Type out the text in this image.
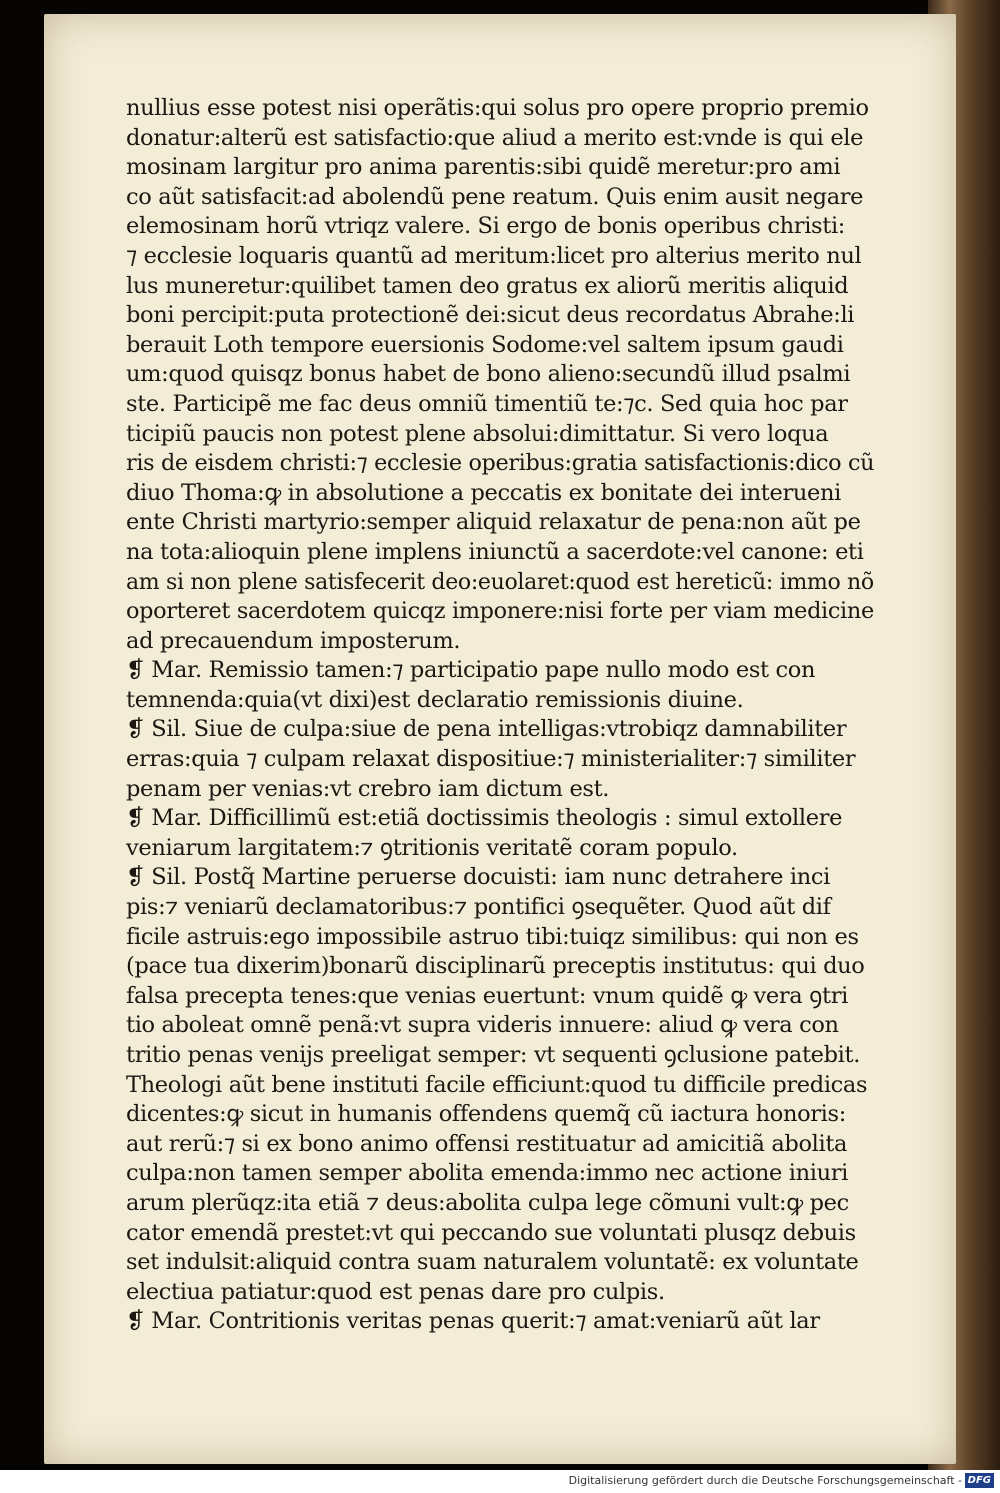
nullius esse potest nisi operãtis:qui solus pro opere proprio premio
donatur:alterũ est satisfactio:que aliud a merito est:vnde is qui ele
mosinam largitur pro anima parentis:sibi quidẽ meretur:pro ami
co aũt satisfacit:ad abolendũ pene reatum. Quis enim ausit negare
elemosinam horũ vtriqz valere. Si ergo de bonis operibus christi:
⁊ ecclesie loquaris quantũ ad meritum:licet pro alterius merito nul
lus muneretur:quilibet tamen deo gratus ex aliorũ meritis aliquid
boni percipit:puta protectionẽ dei:sicut deus recordatus Abrahe:li
berauit Loth tempore euersionis Sodome:vel saltem ipsum gaudi
um:quod quisqz bonus habet de bono alieno:secundũ illud psalmi
ste. Participẽ me fac deus omniũ timentiũ te:⁊c. Sed quia hoc par
ticipiũ paucis non potest plene absolui:dimittatur. Si vero loqua
ris de eisdem christi:⁊ ecclesie operibus:gratia satisfactionis:dico cũ
diuo Thoma:ꝙ in absolutione a peccatis ex bonitate dei interueni
ente Christi martyrio:semper aliquid relaxatur de pena:non aũt pe
na tota:alioquin plene implens iniunctũ a sacerdote:vel canone: eti
am si non plene satisfecerit deo:euolaret:quod est hereticũ: immo nõ
oporteret sacerdotem quicqz imponere:nisi forte per viam medicine
ad precauendum imposterum.
❡ Mar. Remissio tamen:⁊ participatio pape nullo modo est con
temnenda:quia(vt dixi)est declaratio remissionis diuine.
❡ Sil. Siue de culpa:siue de pena intelligas:vtrobiqz damnabiliter
erras:quia ⁊ culpam relaxat dispositiue:⁊ ministerialiter:⁊ similiter
penam per venias:vt crebro iam dictum est.
❡ Mar. Difficillimũ est:etiã doctissimis theologis : simul extollere
veniarum largitatem:⁊ ꝯtritionis veritatẽ coram populo.
❡ Sil. Postq̃ Martine peruerse docuisti: iam nunc detrahere inci
pis:⁊ veniarũ declamatoribus:⁊ pontifici ꝯsequẽter. Quod aũt dif
ficile astruis:ego impossibile astruo tibi:tuiqz similibus: qui non es
(pace tua dixerim)bonarũ disciplinarũ preceptis institutus: qui duo
falsa precepta tenes:que venias euertunt: vnum quidẽ ꝙ vera ꝯtri
tio aboleat omnẽ penã:vt supra videris innuere: aliud ꝙ vera con
tritio penas venijs preeligat semper: vt sequenti ꝯclusione patebit.
Theologi aũt bene instituti facile efficiunt:quod tu difficile predicas
dicentes:ꝙ sicut in humanis offendens quemq̃ cũ iactura honoris:
aut rerũ:⁊ si ex bono animo offensi restituatur ad amicitiã abolita
culpa:non tamen semper abolita emenda:immo nec actione iniuri
arum plerũqz:ita etiã ⁊ deus:abolita culpa lege cõmuni vult:ꝙ pec
cator emendã prestet:vt qui peccando sue voluntati plusqz debuis
set indulsit:aliquid contra suam naturalem voluntatẽ: ex voluntate
electiua patiatur:quod est penas dare pro culpis.
❡ Mar. Contritionis veritas penas querit:⁊ amat:veniarũ aũt lar
Digitalisierung gefördert durch die Deutsche Forschungsgemeinschaft - DFG
